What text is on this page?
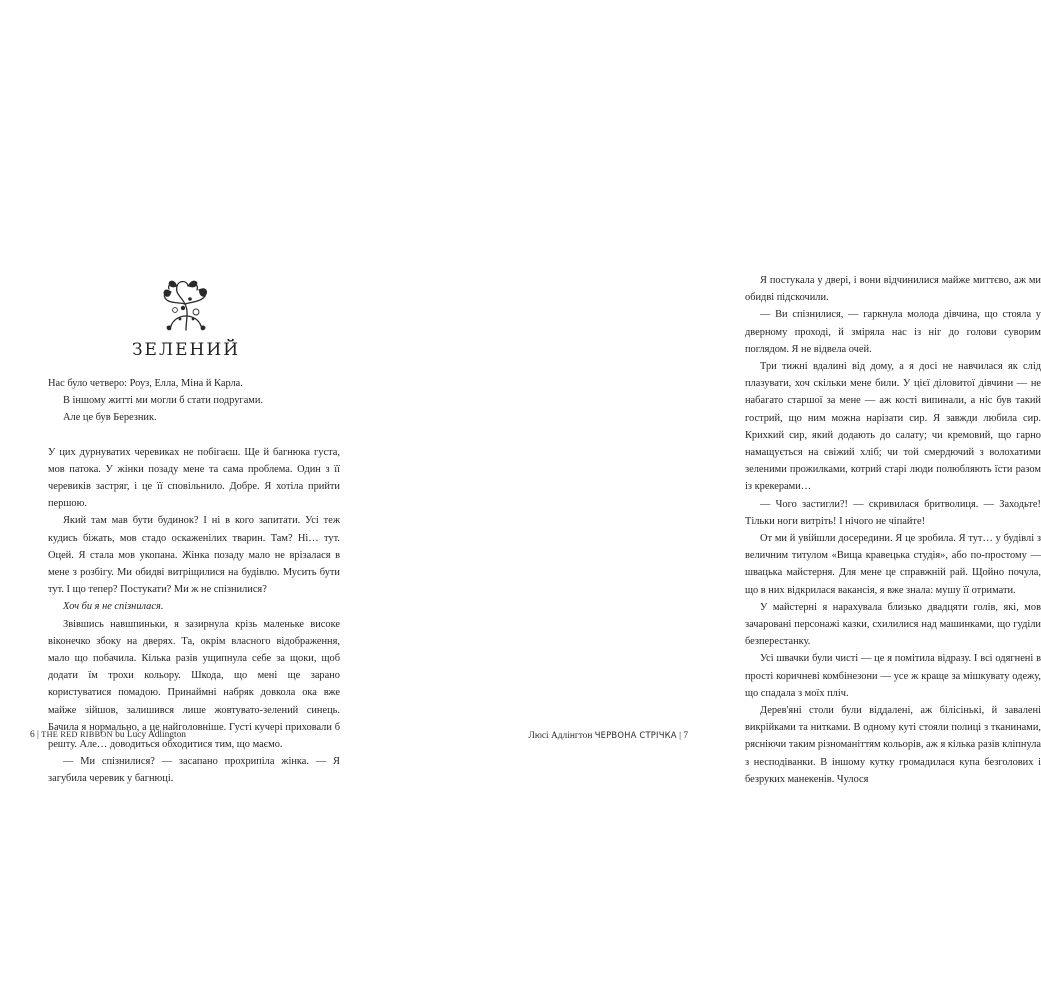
ЗЕЛЕНИЙ

Нас було четверо: Роуз, Елла, Міна й Карла.

В іншому житті ми могли б стати подругами.

Але це був Березник.

У цих дурнуватих черевиках не побігаєш. Ще й багнюка густа, мов патока. У жінки позаду мене та сама проблема. Один з її черевиків застряг, і це її сповільнило. Добре. Я хотіла прийти першою.

Який там мав бути будинок? І ні в кого запитати. Усі теж кудись біжать, мов стадо оскаженілих тварин. Там? Ні… тут. Оцей. Я стала мов укопана. Жінка позаду мало не врізалася в мене з розбігу. Ми обидві витріщилися на будівлю. Мусить бути тут. І що тепер? Постукати? Ми ж не спізнилися?

Хоч би я не спізнилася.

Звівшись навшпиньки, я зазирнула крізь маленьке високе віконечко збоку на дверях. Та, окрім власного відображення, мало що побачила. Кілька разів ущипнула себе за щоки, щоб додати їм трохи кольору. Шкода, що мені ще зарано користуватися помадою. Принаймні набряк довкола ока вже майже зійшов, залишився лише жовтувато-зелений синець. Бачила я нормально, а це найголовніше. Густі кучері приховали б решту. Але… доводиться обходитися тим, що маємо.

— Ми спізнилися? — засапано прохрипіла жінка. — Я загубила черевик у багнюці.

6 | THE RED RIBBON bu Lucy Adlington

Я постукала у двері, і вони відчинилися майже миттєво, аж ми обидві підскочили.

— Ви спізнилися, — гаркнула молода дівчина, що стояла у дверному проході, й зміряла нас із ніг до голови суворим поглядом. Я не відвела очей.

Три тижні вдалині від дому, а я досі не навчилася як слід плазувати, хоч скільки мене били. У цієї діловитої дівчини — не набагато старшої за мене — аж кості випинали, а ніс був такий гострий, що ним можна нарізати сир. Я завжди любила сир. Крихкий сир, який додають до салату; чи кремовий, що гарно намащується на свіжий хліб; чи той смердючий з волохатими зеленими прожилками, котрий старі люди полюбляють їсти разом із крекерами…

— Чого застигли?! — скривилася бритволиця. — Заходьте! Тільки ноги витріть! І нічого не чіпайте!

От ми й увійшли досередини. Я це зробила. Я тут… у будівлі з величним титулом «Вища кравецька студія», або по-простому — швацька майстерня. Для мене це справжній рай. Щойно почула, що в них відкрилася вакансія, я вже знала: мушу її отримати.

У майстерні я нарахувала близько двадцяти голів, які, мов зачаровані персонажі казки, схилилися над машинками, що гуділи безперестанку.

Усі швачки були чисті — це я помітила відразу. І всі одягнені в прості коричневі комбінезони — усе ж краще за мішкувату одежу, що спадала з моїх пліч.

Дерев'яні столи були віддалені, аж білісінькі, й завалені викрійками та нитками. В одному куті стояли полиці з тканинами, рясніючи таким різноманіттям кольорів, аж я кілька разів кліпнула з несподіванки. В іншому кутку громадилася купа безголових і безруких манекенів. Чулося

Люсі Адлінгтон ЧЕРВОНА СТРІЧКА | 7
